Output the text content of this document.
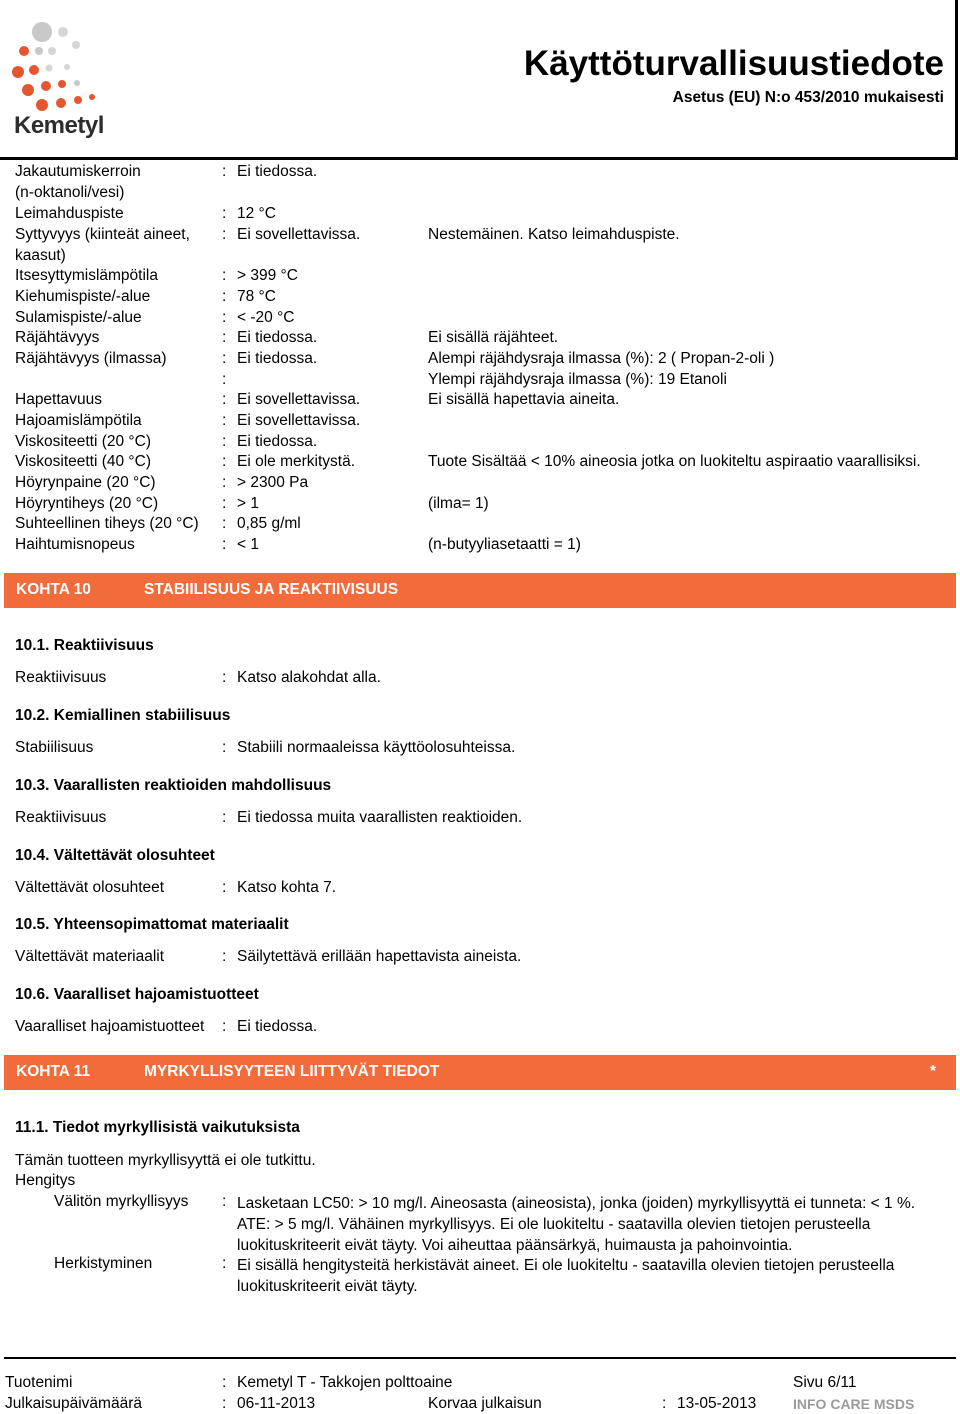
Kemetyl
Käyttöturvallisuustiedote
Asetus (EU) N:o 453/2010 mukaisesti
Jakautumiskerroin
(n-oktanoli/vesi)
: Ei tiedossa.
Leimahduspiste	: 12 °C
Syttyvyys (kiinteät aineet,
kaasut)
: Ei sovellettavissa.	Nestemäinen. Katso leimahduspiste.
Itsesyttymislämpötila	: > 399 °C
Kiehumispiste/-alue	: 78 °C
Sulamispiste/-alue	: < -20 °C
Räjähtävyys	: Ei tiedossa.	Ei sisällä räjähteet.
Räjähtävyys (ilmassa)	: Ei tiedossa.	Alempi räjähdysraja ilmassa (%): 2 ( Propan-2-oli )
:	Ylempi räjähdysraja ilmassa (%): 19 Etanoli
Hapettavuus	: Ei sovellettavissa.	Ei sisällä hapettavia aineita.
Hajoamislämpötila	: Ei sovellettavissa.
Viskositeetti (20 °C)	: Ei tiedossa.
Viskositeetti (40 °C)	: Ei ole merkitystä.	Tuote Sisältää < 10% aineosia jotka on luokiteltu aspiraatio vaarallisiksi.
Höyrynpaine (20 °C)	: > 2300 Pa
Höyryntiheys (20 °C)	: > 1	(ilma= 1)
Suhteellinen tiheys (20 °C) : 0,85 g/ml
Haihtumisnopeus	: < 1	(n-butyyliasetaatti = 1)
KOHTA 10	STABIILISUUS JA REAKTIIVISUUS
10.1. Reaktiivisuus
Reaktiivisuus	: Katso alakohdat alla.
10.2. Kemiallinen stabiilisuus
Stabiilisuus	: Stabiili normaaleissa käyttöolosuhteissa.
10.3. Vaarallisten reaktioiden mahdollisuus
Reaktiivisuus	: Ei tiedossa muita vaarallisten reaktioiden.
10.4. Vältettävät olosuhteet
Vältettävät olosuhteet	: Katso kohta 7.
10.5. Yhteensopimattomat materiaalit
Vältettävät materiaalit	: Säilytettävä erillään hapettavista aineista.
10.6. Vaaralliset hajoamistuotteet
Vaaralliset hajoamistuotteet : Ei tiedossa.
KOHTA 11	MYRKYLLISYYTEEN LIITTYVÄT TIEDOT	*
11.1. Tiedot myrkyllisistä vaikutuksista
Tämän tuotteen myrkyllisyyttä ei ole tutkittu.
Hengitys
Välitön myrkyllisyys : Lasketaan LC50: > 10 mg/l. Aineosasta (aineosista), jonka (joiden) myrkyllisyyttä ei tunneta: < 1 %. ATE: > 5 mg/l. Vähäinen myrkyllisyys. Ei ole luokiteltu - saatavilla olevien tietojen perusteella luokituskriteerit eivät täyty. Voi aiheuttaa päänsärkyä, huimausta ja pahoinvointia.
Herkistyminen	: Ei sisällä hengitysteitä herkistävät aineet. Ei ole luokiteltu - saatavilla olevien tietojen perusteella luokituskriteerit eivät täyty.
Tuotenimi	: Kemetyl T - Takkojen polttoaine	Sivu 6/11
Julkaisupäivämäärä	: 06-11-2013	Korvaa julkaisun	: 13-05-2013	INFO CARE MSDS
